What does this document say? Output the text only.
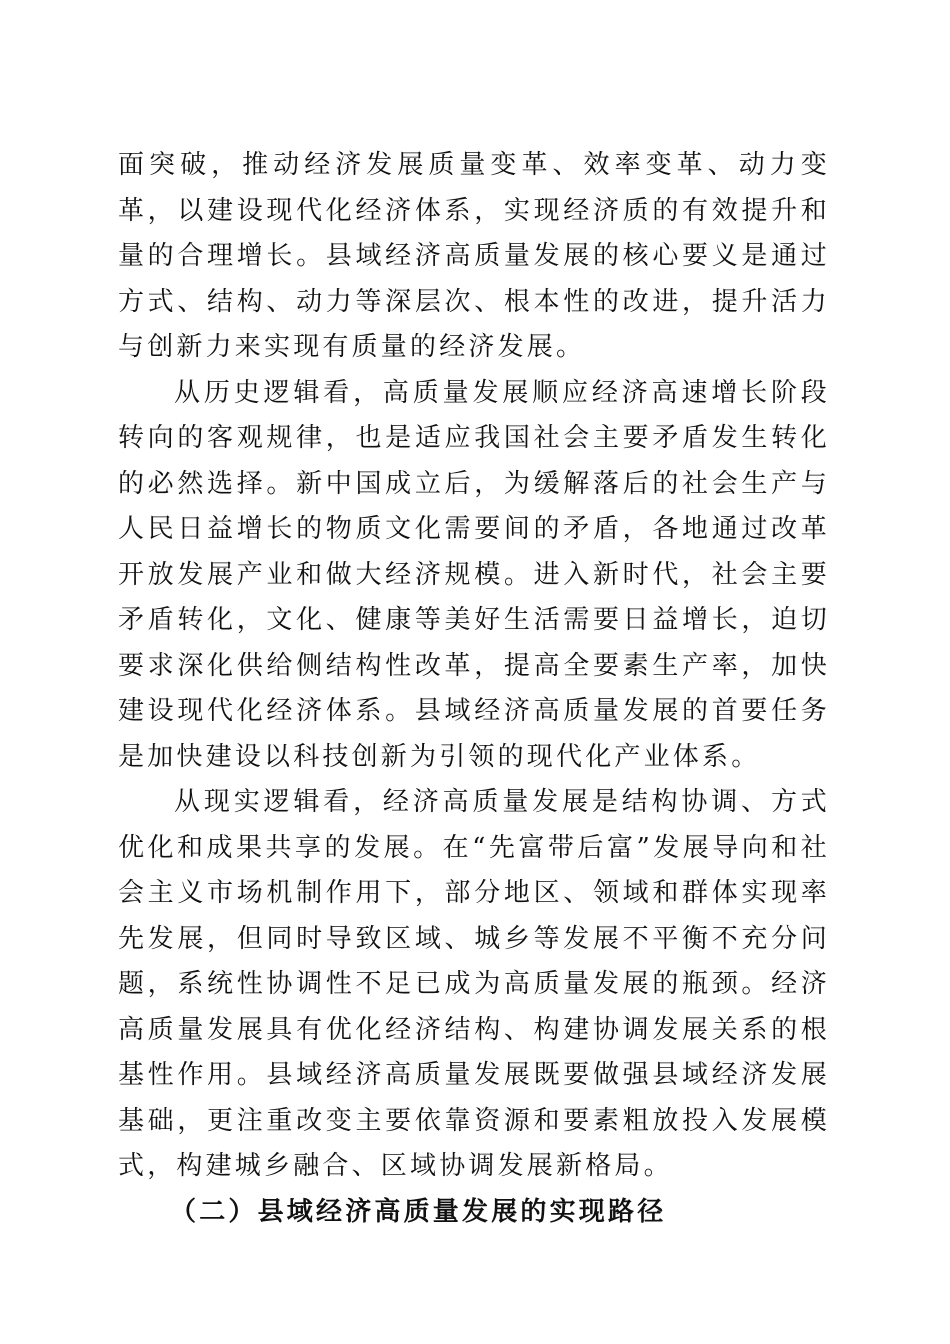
面突破，推动经济发展质量变革、效率变革、动力变革，以建设现代化经济体系，实现经济质的有效提升和量的合理增长。县域经济高质量发展的核心要义是通过方式、结构、动力等深层次、根本性的改进，提升活力与创新力来实现有质量的经济发展。

从历史逻辑看，高质量发展顺应经济高速增长阶段转向的客观规律，也是适应我国社会主要矛盾发生转化的必然选择。新中国成立后，为缓解落后的社会生产与人民日益增长的物质文化需要间的矛盾，各地通过改革开放发展产业和做大经济规模。进入新时代，社会主要矛盾转化，文化、健康等美好生活需要日益增长，迫切要求深化供给侧结构性改革，提高全要素生产率，加快建设现代化经济体系。县域经济高质量发展的首要任务是加快建设以科技创新为引领的现代化产业体系。

从现实逻辑看，经济高质量发展是结构协调、方式优化和成果共享的发展。在“先富带后富”发展导向和社会主义市场机制作用下，部分地区、领域和群体实现率先发展，但同时导致区域、城乡等发展不平衡不充分问题，系统性协调性不足已成为高质量发展的瓶颈。经济高质量发展具有优化经济结构、构建协调发展关系的根基性作用。县域经济高质量发展既要做强县域经济发展基础，更注重改变主要依靠资源和要素粗放投入发展模式，构建城乡融合、区域协调发展新格局。

（二）县域经济高质量发展的实现路径
